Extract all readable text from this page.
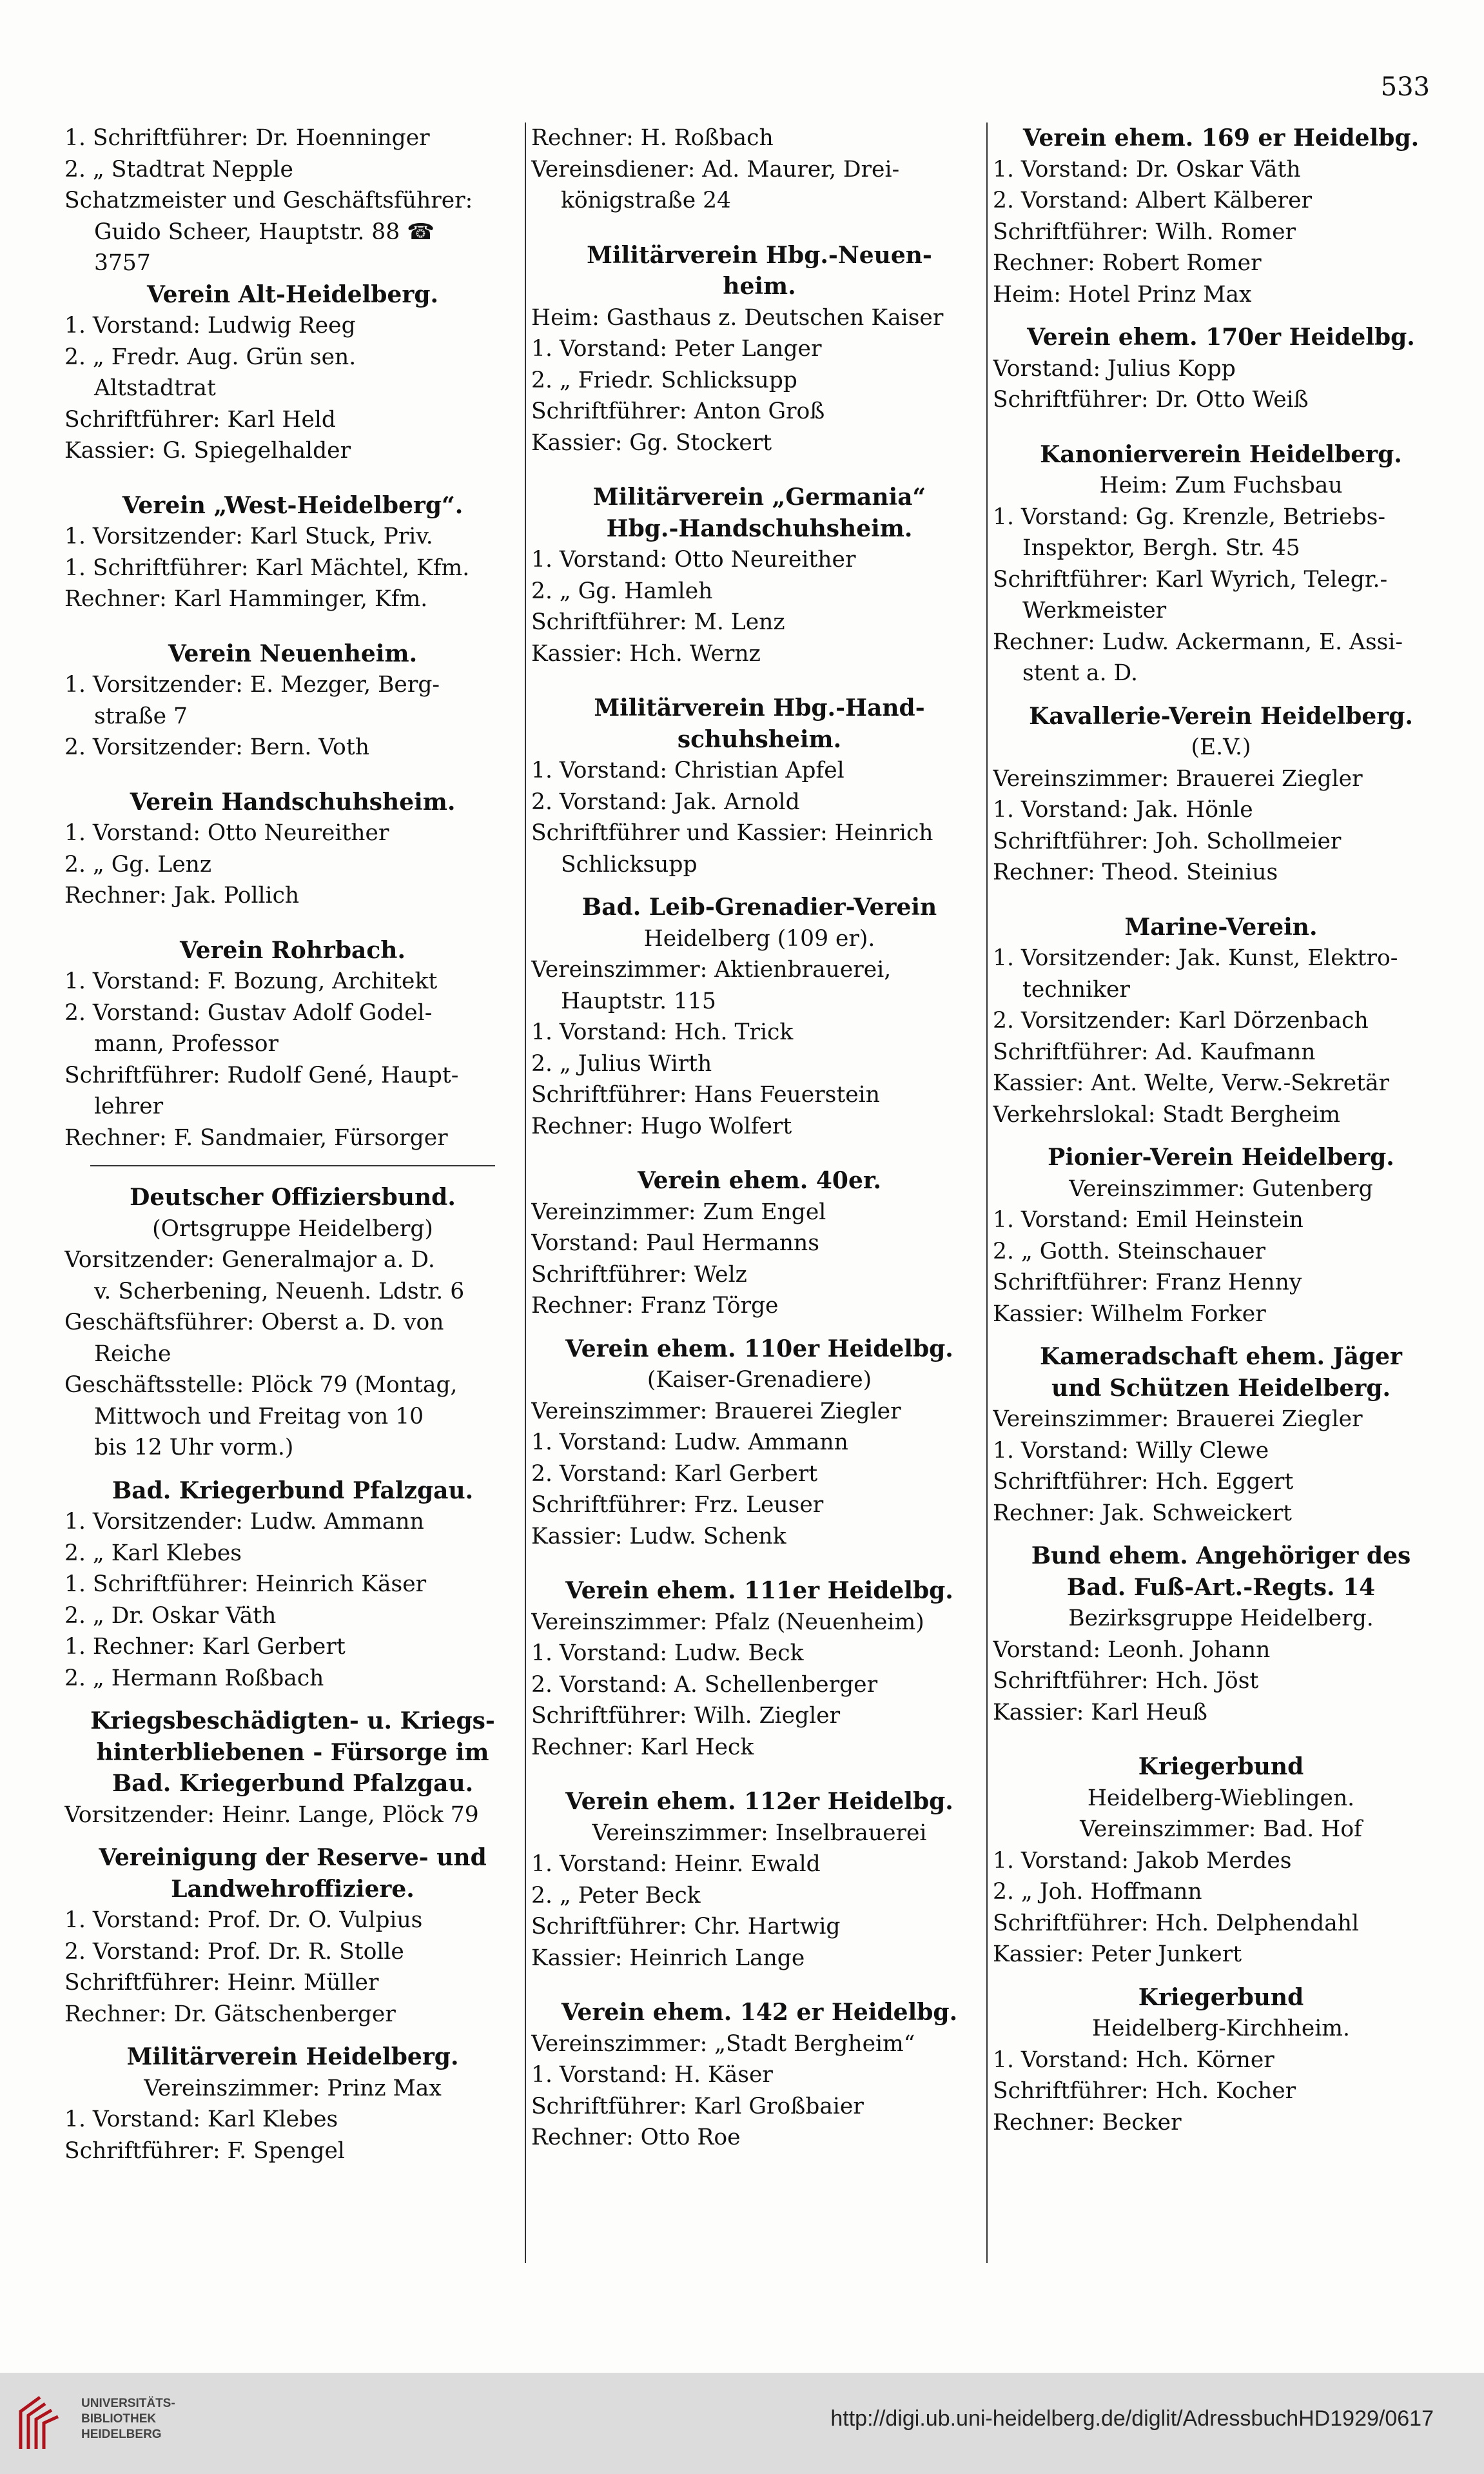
533
1. Schriftführer: Dr. Hoenninger
2. „ Stadtrat Nepple
Schatzmeister und Geschäftsführer:
Guido Scheer, Hauptstr. 88 ☎
3757
Verein Alt-Heidelberg.
1. Vorstand: Ludwig Reeg
2. „ Fredr. Aug. Grün sen.
Altstadtrat
Schriftführer: Karl Held
Kassier: G. Spiegelhalder
Verein „West-Heidelberg“.
1. Vorsitzender: Karl Stuck, Priv.
1. Schriftführer: Karl Mächtel, Kfm.
Rechner: Karl Hamminger, Kfm.
Verein Neuenheim.
1. Vorsitzender: E. Mezger, Berg-
straße 7
2. Vorsitzender: Bern. Voth
Verein Handschuhsheim.
1. Vorstand: Otto Neureither
2. „ Gg. Lenz
Rechner: Jak. Pollich
Verein Rohrbach.
1. Vorstand: F. Bozung, Architekt
2. Vorstand: Gustav Adolf Godel-
mann, Professor
Schriftführer: Rudolf Gené, Haupt-
lehrer
Rechner: F. Sandmaier, Fürsorger
Deutscher Offiziersbund.
(Ortsgruppe Heidelberg)
Vorsitzender: Generalmajor a. D.
v. Scherbening, Neuenh. Ldstr. 6
Geschäftsführer: Oberst a. D. von
Reiche
Geschäftsstelle: Plöck 79 (Montag,
Mittwoch und Freitag von 10
bis 12 Uhr vorm.)
Bad. Kriegerbund Pfalzgau.
1. Vorsitzender: Ludw. Ammann
2. „ Karl Klebes
1. Schriftführer: Heinrich Käser
2. „ Dr. Oskar Väth
1. Rechner: Karl Gerbert
2. „ Hermann Roßbach
Kriegsbeschädigten- u. Kriegs-
hinterbliebenen - Fürsorge im
Bad. Kriegerbund Pfalzgau.
Vorsitzender: Heinr. Lange, Plöck 79
Vereinigung der Reserve- und
Landwehroffiziere.
1. Vorstand: Prof. Dr. O. Vulpius
2. Vorstand: Prof. Dr. R. Stolle
Schriftführer: Heinr. Müller
Rechner: Dr. Gätschenberger
Militärverein Heidelberg.
Vereinszimmer: Prinz Max
1. Vorstand: Karl Klebes
Schriftführer: F. Spengel
Rechner: H. Roßbach
Vereinsdiener: Ad. Maurer, Drei-
königstraße 24
Militärverein Hbg.-Neuen-
heim.
Heim: Gasthaus z. Deutschen Kaiser
1. Vorstand: Peter Langer
2. „ Friedr. Schlicksupp
Schriftführer: Anton Groß
Kassier: Gg. Stockert
Militärverein „Germania“
Hbg.-Handschuhsheim.
1. Vorstand: Otto Neureither
2. „ Gg. Hamleh
Schriftführer: M. Lenz
Kassier: Hch. Wernz
Militärverein Hbg.-Hand-
schuhsheim.
1. Vorstand: Christian Apfel
2. Vorstand: Jak. Arnold
Schriftführer und Kassier: Heinrich
Schlicksupp
Bad. Leib-Grenadier-Verein
Heidelberg (109 er).
Vereinszimmer: Aktienbrauerei,
Hauptstr. 115
1. Vorstand: Hch. Trick
2. „ Julius Wirth
Schriftführer: Hans Feuerstein
Rechner: Hugo Wolfert
Verein ehem. 40er.
Vereinzimmer: Zum Engel
Vorstand: Paul Hermanns
Schriftführer: Welz
Rechner: Franz Törge
Verein ehem. 110er Heidelbg.
(Kaiser-Grenadiere)
Vereinszimmer: Brauerei Ziegler
1. Vorstand: Ludw. Ammann
2. Vorstand: Karl Gerbert
Schriftführer: Frz. Leuser
Kassier: Ludw. Schenk
Verein ehem. 111er Heidelbg.
Vereinszimmer: Pfalz (Neuenheim)
1. Vorstand: Ludw. Beck
2. Vorstand: A. Schellenberger
Schriftführer: Wilh. Ziegler
Rechner: Karl Heck
Verein ehem. 112er Heidelbg.
Vereinszimmer: Inselbrauerei
1. Vorstand: Heinr. Ewald
2. „ Peter Beck
Schriftführer: Chr. Hartwig
Kassier: Heinrich Lange
Verein ehem. 142 er Heidelbg.
Vereinszimmer: „Stadt Bergheim“
1. Vorstand: H. Käser
Schriftführer: Karl Großbaier
Rechner: Otto Roe
Verein ehem. 169 er Heidelbg.
1. Vorstand: Dr. Oskar Väth
2. Vorstand: Albert Kälberer
Schriftführer: Wilh. Romer
Rechner: Robert Romer
Heim: Hotel Prinz Max
Verein ehem. 170er Heidelbg.
Vorstand: Julius Kopp
Schriftführer: Dr. Otto Weiß
Kanonierverein Heidelberg.
Heim: Zum Fuchsbau
1. Vorstand: Gg. Krenzle, Betriebs-
Inspektor, Bergh. Str. 45
Schriftführer: Karl Wyrich, Telegr.-
Werkmeister
Rechner: Ludw. Ackermann, E. Assi-
stent a. D.
Kavallerie-Verein Heidelberg.
(E.V.)
Vereinszimmer: Brauerei Ziegler
1. Vorstand: Jak. Hönle
Schriftführer: Joh. Schollmeier
Rechner: Theod. Steinius
Marine-Verein.
1. Vorsitzender: Jak. Kunst, Elektro-
techniker
2. Vorsitzender: Karl Dörzenbach
Schriftführer: Ad. Kaufmann
Kassier: Ant. Welte, Verw.-Sekretär
Verkehrslokal: Stadt Bergheim
Pionier-Verein Heidelberg.
Vereinszimmer: Gutenberg
1. Vorstand: Emil Heinstein
2. „ Gotth. Steinschauer
Schriftführer: Franz Henny
Kassier: Wilhelm Forker
Kameradschaft ehem. Jäger
und Schützen Heidelberg.
Vereinszimmer: Brauerei Ziegler
1. Vorstand: Willy Clewe
Schriftführer: Hch. Eggert
Rechner: Jak. Schweickert
Bund ehem. Angehöriger des
Bad. Fuß-Art.-Regts. 14
Bezirksgruppe Heidelberg.
Vorstand: Leonh. Johann
Schriftführer: Hch. Jöst
Kassier: Karl Heuß
Kriegerbund
Heidelberg-Wieblingen.
Vereinszimmer: Bad. Hof
1. Vorstand: Jakob Merdes
2. „ Joh. Hoffmann
Schriftführer: Hch. Delphendahl
Kassier: Peter Junkert
Kriegerbund
Heidelberg-Kirchheim.
1. Vorstand: Hch. Körner
Schriftführer: Hch. Kocher
Rechner: Becker
UNIVERSITÄTS-
BIBLIOTHEK
HEIDELBERG
http://digi.ub.uni-heidelberg.de/diglit/AdressbuchHD1929/0617
